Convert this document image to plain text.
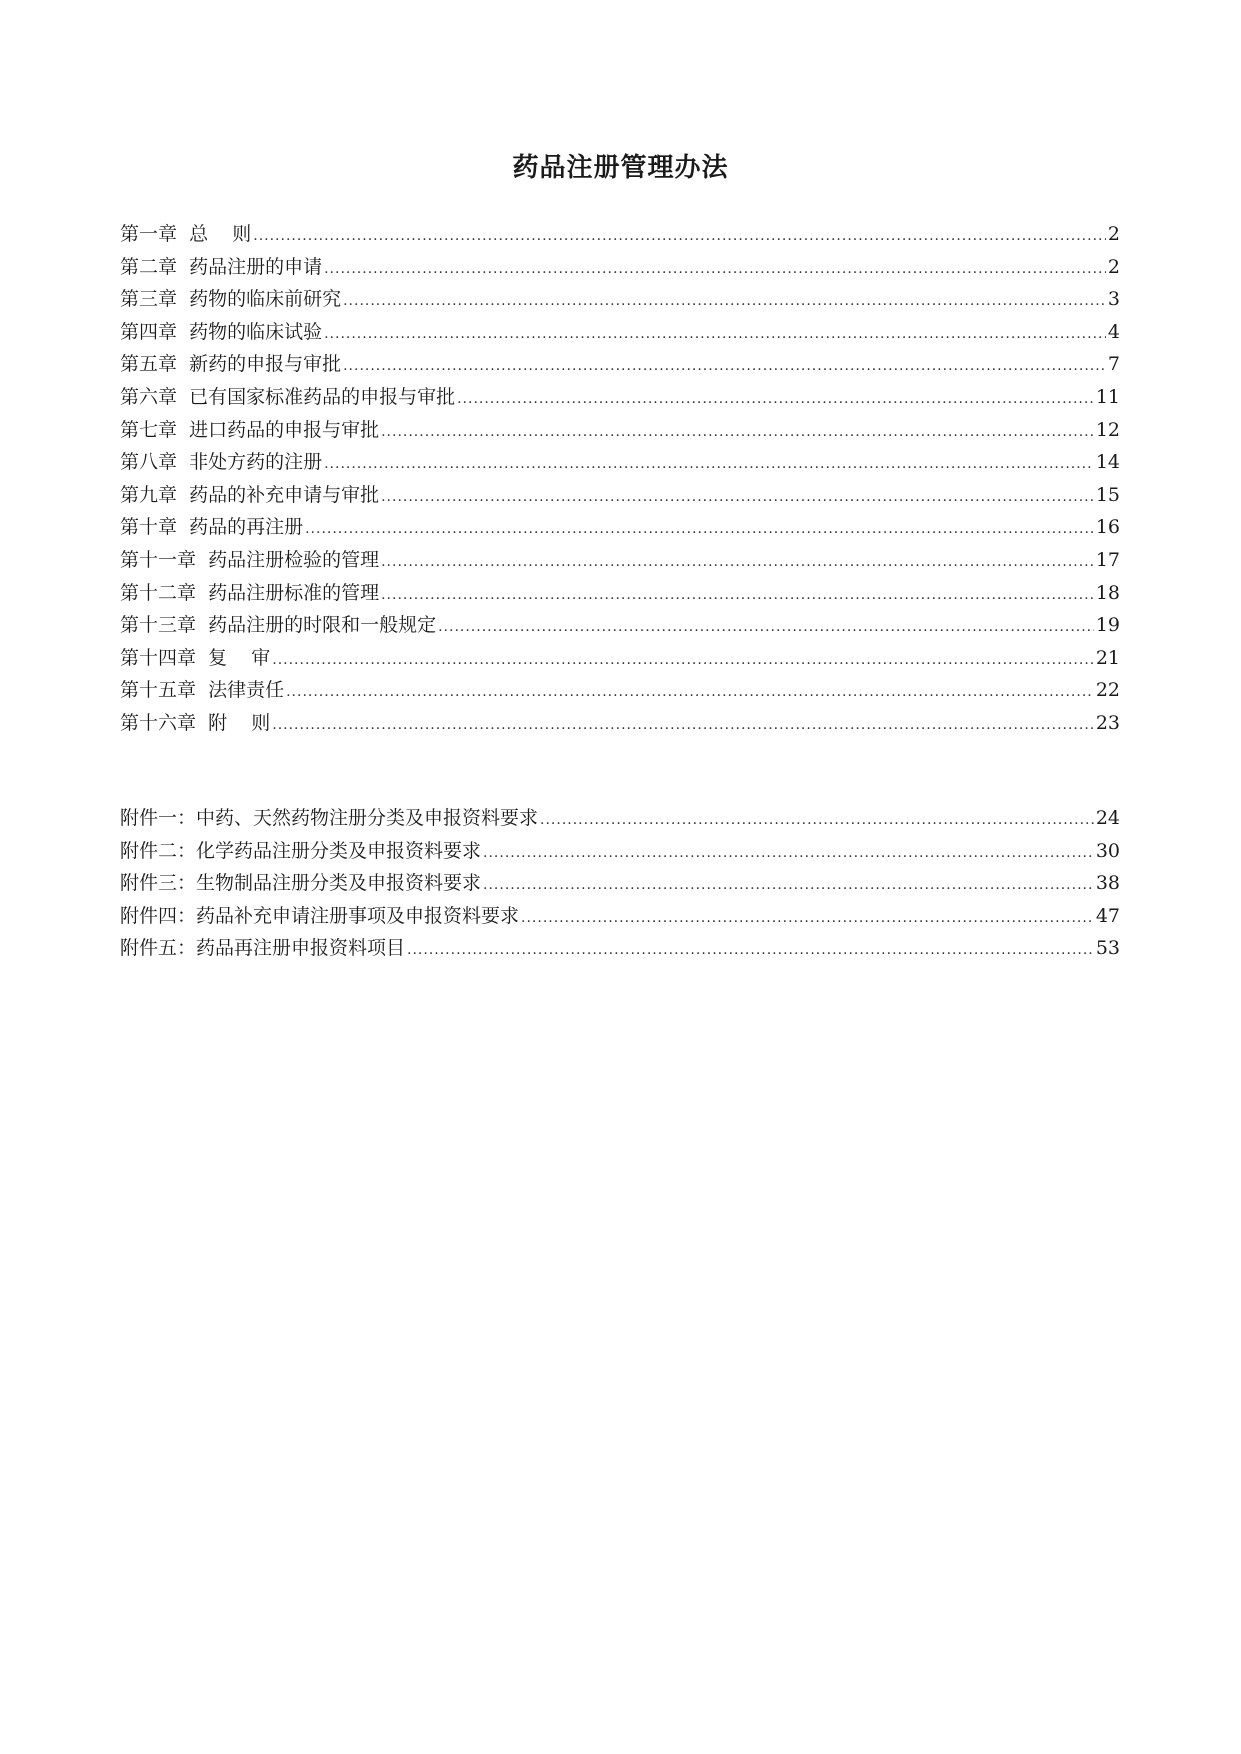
药品注册管理办法
第一章  总    则 .....	2
第二章  药品注册的申请 .....	2
第三章  药物的临床前研究 .....	3
第四章  药物的临床试验 .....	4
第五章  新药的申报与审批 .....	7
第六章  已有国家标准药品的申报与审批 .....	11
第七章  进口药品的申报与审批 .....	12
第八章  非处方药的注册 .....	14
第九章  药品的补充申请与审批 .....	15
第十章  药品的再注册 .....	16
第十一章  药品注册检验的管理 .....	17
第十二章  药品注册标准的管理 .....	18
第十三章  药品注册的时限和一般规定 .....	19
第十四章  复    审 .....	21
第十五章  法律责任 .....	22
第十六章  附    则 .....	23
附件一：中药、天然药物注册分类及申报资料要求 .....	24
附件二：化学药品注册分类及申报资料要求 .....	30
附件三：生物制品注册分类及申报资料要求 .....	38
附件四：药品补充申请注册事项及申报资料要求 .....	47
附件五：药品再注册申报资料项目 .....	53
